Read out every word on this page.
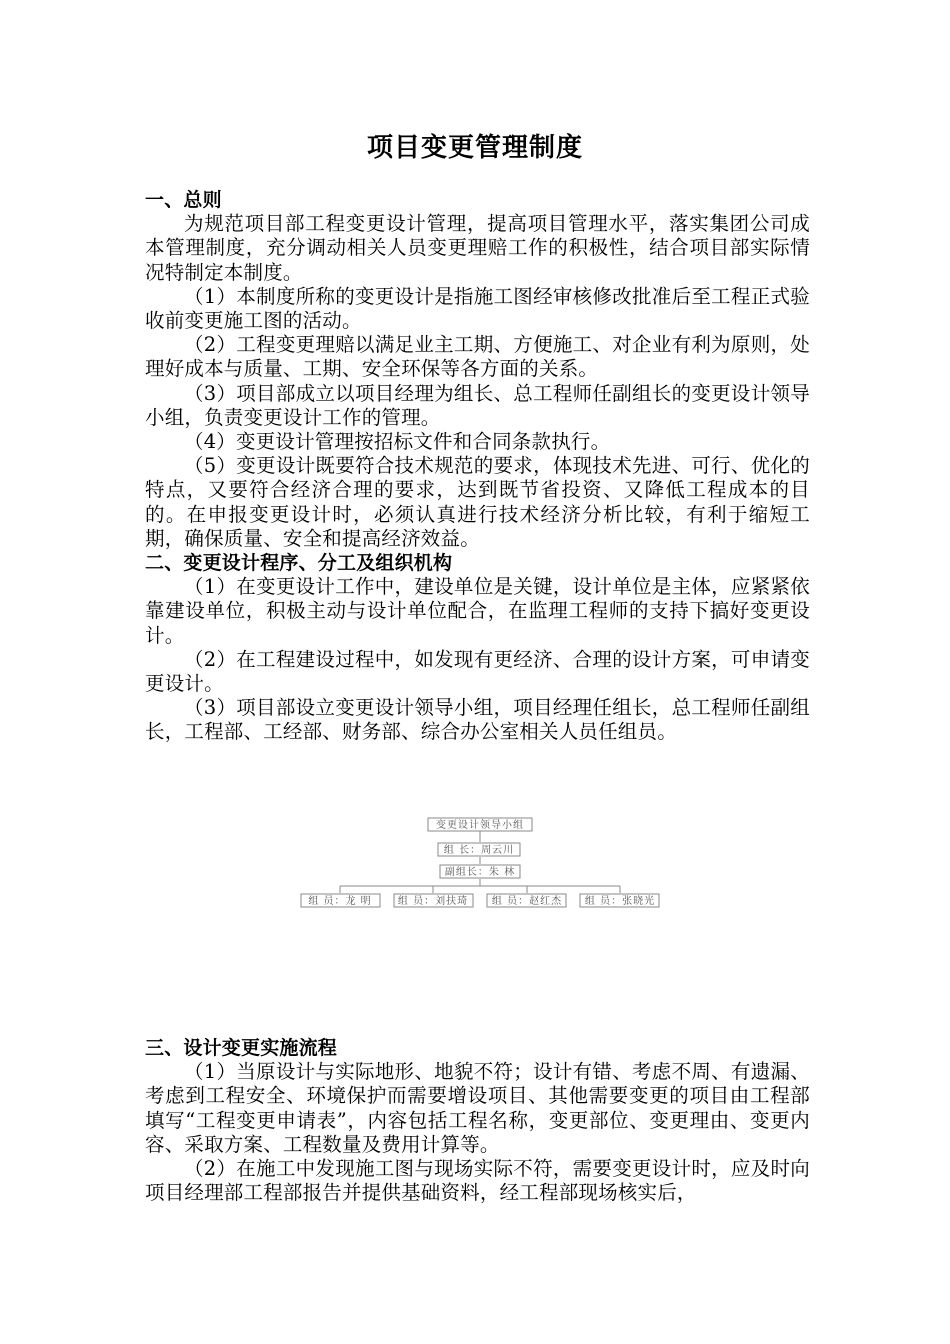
项目变更管理制度

一、总则

为规范项目部工程变更设计管理，提高项目管理水平，落实集团公司成本管理制度，充分调动相关人员变更理赔工作的积极性，结合项目部实际情况特制定本制度。

（1）本制度所称的变更设计是指施工图经审核修改批准后至工程正式验收前变更施工图的活动。

（2）工程变更理赔以满足业主工期、方便施工、对企业有利为原则，处理好成本与质量、工期、安全环保等各方面的关系。

（3）项目部成立以项目经理为组长、总工程师任副组长的变更设计领导小组，负责变更设计工作的管理。

（4）变更设计管理按招标文件和合同条款执行。

（5）变更设计既要符合技术规范的要求，体现技术先进、可行、优化的特点，又要符合经济合理的要求，达到既节省投资、又降低工程成本的目的。在申报变更设计时，必须认真进行技术经济分析比较，有利于缩短工期，确保质量、安全和提高经济效益。

二、变更设计程序、分工及组织机构

（1）在变更设计工作中，建设单位是关键，设计单位是主体，应紧紧依靠建设单位，积极主动与设计单位配合，在监理工程师的支持下搞好变更设计。

（2）在工程建设过程中，如发现有更经济、合理的设计方案，可申请变更设计。

（3）项目部设立变更设计领导小组，项目经理任组长，总工程师任副组长，工程部、工经部、财务部、综合办公室相关人员任组员。

变更设计领导小组
组 长：周云川
副组长：朱 林
组 员：龙 明	组 员：刘扶琦 组 员：赵红杰 组 员：张晓光

三、设计变更实施流程

（1）当原设计与实际地形、地貌不符；设计有错、考虑不周、有遗漏、考虑到工程安全、环境保护而需要增设项目、其他需要变更的项目由工程部填写“工程变更申请表”，内容包括工程名称，变更部位、变更理由、变更内容、采取方案、工程数量及费用计算等。

（2）在施工中发现施工图与现场实际不符，需要变更设计时，应及时向项目经理部工程部报告并提供基础资料，经工程部现场核实后，
